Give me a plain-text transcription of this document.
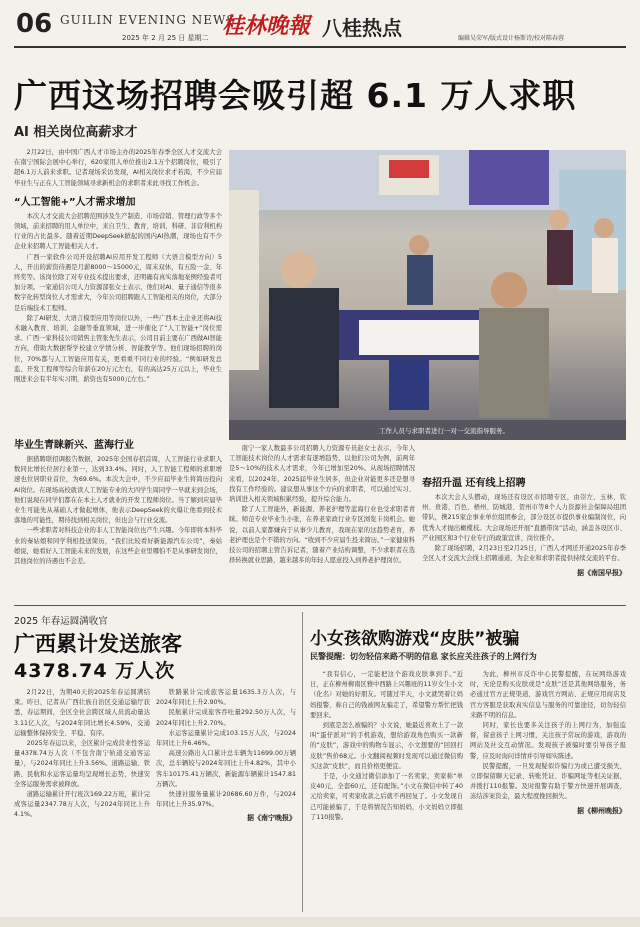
06 GUILIN EVENING NEWS
2025 年 2 月 25 日 星期二 桂林晚報 八桂热点	编辑吴荣军/版式设计杨斯诗/校对陈春蓉
广西这场招聘会吸引超 6.1 万人求职
AI 相关岗位高薪求才

2月22日，由中国广西人才市场主办的2025年春季全区人才交流大会在南宁国际会展中心举行，620家用人单位推出2.1万个招聘岗位，吸引了超6.1万人前来求职。记者现场采访发现，AI相关岗位求才若渴，不少应届毕业生与正在人工智能领域寻求新机会的求职者来此寻找工作机会。

“人工智能+”人才需求增加

本次人才交流大会招聘范围涉及生产制造、市场营销、管理行政等多个领域，前来招聘的用人单位中，来自卫生、教育、培训、科研、非营利机构行业的占比最多。随着近期DeepSeek掀起的国内AI热潮，现场也有不少企业来招聘人工智能相关人才。

广西一家软件公司开设招聘AI应用开发工程师（大语言模型方向）5人，开出的薪资待遇是月薪8000～15000元，周末双休，有五险一金、年终奖等。该岗位除了对专业技术提出要求，还明确有真实落地案例经验者可加分项。一家通信公司人力资源部张女士表示，他们对AI、量子通信等很多数字化转型岗位人才需求大，今年公司招聘跟人工智能相关的岗位，大部分是后端技术工程师。

除了AI研发、大语言模型应用等岗位以外，一些广西本土企业还将AI技术融入教育、培训、金融等垂直领域，进一步催化了“人工智能+”岗位需求。广西一家科技公司销售主管张先生表示，公司目前主要在广西做AI智能方向，借助大数据帮学校建立学情分析、智能教学等。他们现场招聘的岗位，70%都与人工智能应用有关，更看重不同行业的经验。“例如研发总监、开发工程师等综合年薪在20万元左右，有的高达25万元以上，毕业生刚进来会有半年实习期，薪资也有5000元左右。”

工作人员与求职者进行一对一交流指导服务。
毕业生青睐新兴、蓝海行业

据猎聘联招调报告数据，2025年全国春招首周，人工智能行业求职人数同比增长位居行业第一，达到33.4%。同时，人工智能工程师的求职增速也位居职业首位，为69.6%。本次大会中，不少应届毕业生将简历投向AI岗位。在现场高校就读人工智能专业的大四学生周同学一早就来到会场，他们说现在同学们都在在本土人才就业的开发工程师岗位。当了解到应届毕业生可能先从基础人才做起增体，他表示DeepSeek的火爆让他看到技术落地的可能性，期待找到相关岗位，但也会与行业交流。

一些求职者对科技企业的非人工智能岗位也产生兴趣。今年即将本科毕业的秦姑娘和同学利相投送简历，“我们比较看好新能源汽车公司”，秦姑娘说，她看好人工智能未来的发展，在这些企业里哪怕不是从事研发岗位，其他岗位的待遇也不会差。

南宁一家人数最多公司招聘人力资源专员赵女士表示，今年人工智能技术岗位的人才需求有逐增趋势，以他们公司为例，前两年是5～10%的技术人才需求，今年已增加至20%。从现场招聘情况来看，以2024年、2025届毕业生居多，但企业对能更多还是想寻找有工作经验的。建议想从事这个方向的求职者，可以通过实习、培训进入相关领域积累经验，提升综合能力。

除了人工智能外，新能源、养老护理等蓝海行业也受求职者青睐。师范专业毕业生小张，在养老家政行业专区浏览卡岗机会。她说，以前人家都嫌向于从事少儿教育，我现在家的这趋势老育，养老护理也是个不错的方向。“收到不少应届生投来简历。”一家健康科技公司的招聘主管告诉记者，随着产业结构调整，不少求职者在选择转换就业思路，越来越多的年轻人愿意投入到养老护理岗位。

春招升温 还有线上招聘

本次大会人头攒动，现场还有设区市招聘专区，由崇左、玉林、钦州、贵港、百色、梧州、防城港、贺州市等8个人力资源社会保障局组团带队，携215家企事业单位组团参会，部分设区市提供事业编制岗位，向优秀人才抛出橄榄枝。大会现场还开展“直播带岗”活动，涵盖各设区市、产业园区和3个行业专行的政策宣讲、岗位推介。

除了现场招聘，2月23日至2月25日，广西人才网还开通2025年春季全区人才交流大会线上招聘通道，为企业和求职者提供持续交流的平台。

据《南国早报》
2025 年春运圆满收官
广西累计发送旅客
4378.74 万人次

2月22日，为期40天的2025年春运圆满结束。昨日，记者从广西壮族自治区交通运输厅获悉，春运期间，全区全社会跨区域人员流动量达3.11亿人次，与2024年同比增长4.59%，交通运输整体保持安全、平稳、有序。

2025年春运以来，全区累计完成营业性客运量4378.74万人次（不包含南宁轨道交通客运量），与2024年同比上升3.56%。道路运输、铁路、民航和水运客运量均呈现增长态势，快速安全客运服务需求被释放。

道路运输累计开行班次169.22万班，累计完成客运量2347.78万人次，与2024年同比上升4.1%。

铁路累计完成旅客运量1635.3万人次，与2024年同比上升2.90%。

民航累计完成旅客吞吐量292.50万人次，与2024年同比上升2.70%。

水运客运量累计完成103.15万人次，与2024年同比上升6.46%。

高速公路出入口累计总车辆为11699.00万辆次，总车辆较与2024年同比上升4.82%，其中小客车10175.41万辆次，新能源车辆累计1547.81万辆次。

快速社服务量累计20686.60万件，与2024年同比上升35.97%。

据《南宁晚报》
小女孩欲购游戏“皮肤”被骗
民警提醒：切勿轻信来路不明的信息 家长应关注孩子的上网行为

“我有信心，一定能把这个游戏皮肤拿到手。”近日，正在柳州柳南区雅中西路上兴趣班的11岁女生小文（化名）对她的好朋友。可随过半天，小文就哭着让妈妈报警，称自己的钱被网友骗走了，希望警方帮忙把钱要回来。

到底是怎么被骗的？小文说，她最近喜欢上了一款叫“蛋仔派对”的手机游戏，想给游戏角色购买一款新的“皮肤”，游戏中的购物车显示，小文想要的“回回打皮肤”售价68元。小文翻阅视频时发现可以通过微信购买这款“皮肤”，而且价格更便宜。

于是，小文通过微信添加了一名卖家，卖家称“单皮40元，全套60元，还有配饰。”小文在微信中转了40元给卖家，可卖家收款之后就不再回复了。小文发现自己可能被骗了，于是将情况告知妈妈，小文妈妈立即报了110报警。

为此，柳州市反诈中心民警提醒，在玩网络游戏时，无论是购买皮肤或是“皮肤”还是其他网络服务，务必通过官方正规渠道，游戏官方网站、正规应用商店及官方客服是获取真实信息与服务的可靠途径，切勿轻信来路不明的信息。

同时，家长也要多关注孩子的上网行为，加强监督，留意孩子上网习惯，关注孩子常玩的游戏，游戏的网站及社交互动情况。发现孩子被骗时要引导孩子报警，应及时询问详情并引导如实陈述。

民警提醒，一旦发现疑似诈骗行为或已遭受损失，立即保留聊天记录、转账凭证、诈骗网址等相关证据，并拨打110报警。及时报警有助于警方快速开展调查，冻结涉案资金，最大程度挽回损失。

据《柳州晚报》
